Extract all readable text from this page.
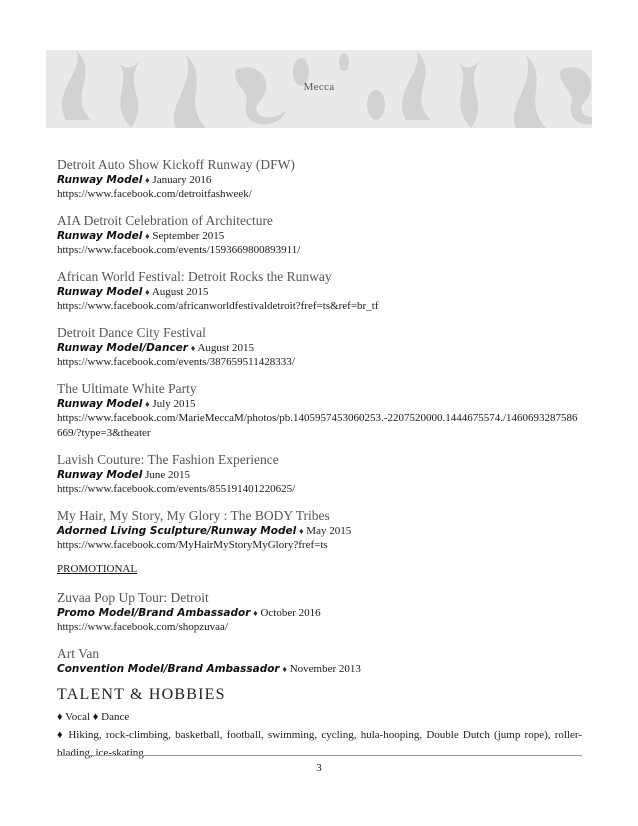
Mecca
Detroit Auto Show Kickoff Runway (DFW)
Runway Model ♦ January 2016
https://www.facebook.com/detroitfashweek/
AIA Detroit Celebration of Architecture
Runway Model ♦ September 2015
https://www.facebook.com/events/1593669800893911/
African World Festival: Detroit Rocks the Runway
Runway Model ♦ August 2015
https://www.facebook.com/africanworldfestivaldetroit?fref=ts&ref=br_tf
Detroit Dance City Festival
Runway Model/Dancer ♦ August 2015
https://www.facebook.com/events/387659511428333/
The Ultimate White Party
Runway Model ♦ July 2015
https://www.facebook.com/MarieMeccaM/photos/pb.1405957453060253.-2207520000.1444675574./1460693287586669/?type=3&theater
Lavish Couture: The Fashion Experience
Runway Model June 2015
https://www.facebook.com/events/855191401220625/
My Hair, My Story, My Glory : The BODY Tribes
Adorned Living Sculpture/Runway Model ♦ May 2015
https://www.facebook.com/MyHairMyStoryMyGlory?fref=ts
PROMOTIONAL
Zuvaa Pop Up Tour: Detroit
Promo Model/Brand Ambassador ♦ October 2016
https://www.facebook.com/shopzuvaa/
Art Van
Convention Model/Brand Ambassador ♦ November 2013
TALENT & HOBBIES
♦ Vocal ♦ Dance
♦ Hiking, rock-climbing, basketball, football, swimming, cycling, hula-hooping, Double Dutch (jump rope), roller-blading, ice-skating
3
